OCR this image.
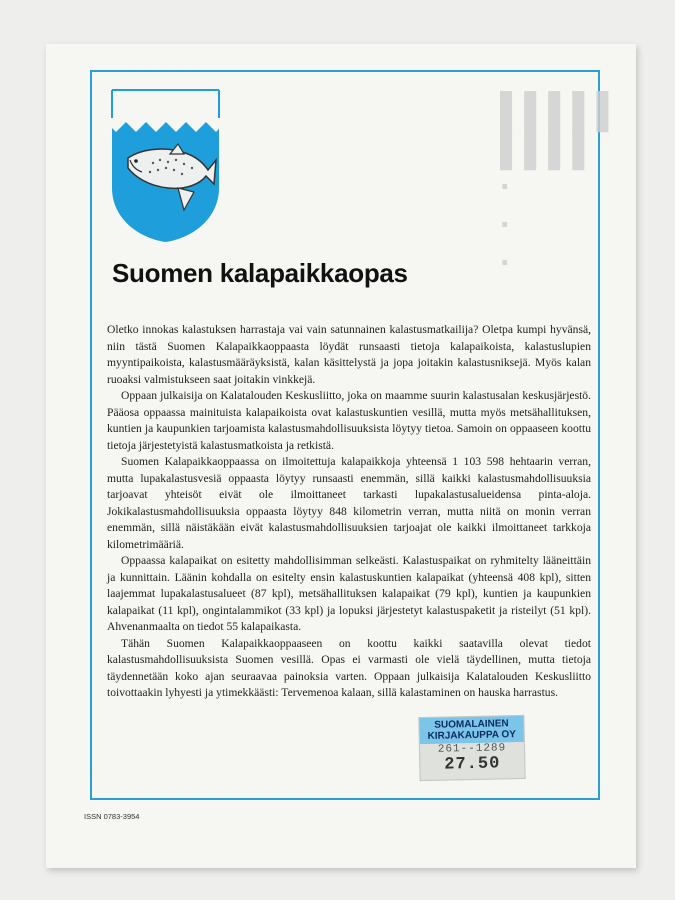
▌▌▌▌▌
▌▌▌▌
·
·
·
Suomen kalapaikkaopas

Oletko innokas kalastuksen harrastaja vai vain satunnainen kalastusmatkailija? Oletpa kumpi hyvänsä, niin tästä Suomen Kalapaikkaoppaasta löydät runsaasti tietoja kalapaikoista, kalastuslupien myyntipaikoista, kalastusmääräyksistä, kalan käsittelystä ja jopa joitakin kalastusniksejä. Myös kalan ruoaksi valmistukseen saat joitakin vinkkejä.

Oppaan julkaisija on Kalatalouden Keskusliitto, joka on maamme suurin kalastusalan keskusjärjestö. Pääosa oppaassa mainituista kalapaikoista ovat kalastuskuntien vesillä, mutta myös metsähallituksen, kuntien ja kaupunkien tarjoamista kalastusmahdollisuuksista löytyy tietoa. Samoin on oppaaseen koottu tietoja järjestetyistä kalastusmatkoista ja retkistä.

Suomen Kalapaikkaoppaassa on ilmoitettuja kalapaikkoja yhteensä 1 103 598 hehtaarin verran, mutta lupakalastusvesiä oppaasta löytyy runsaasti enemmän, sillä kaikki kalastusmahdollisuuksia tarjoavat yhteisöt eivät ole ilmoittaneet tarkasti lupakalastusalueidensa pinta-aloja. Jokikalastusmahdollisuuksia oppaasta löytyy 848 kilometrin verran, mutta niitä on monin verran enemmän, sillä näistäkään eivät kalastusmahdollisuuksien tarjoajat ole kaikki ilmoittaneet tarkkoja kilometrimääriä.

Oppaassa kalapaikat on esitetty mahdollisimman selkeästi. Kalastuspaikat on ryhmitelty lääneittäin ja kunnittain. Läänin kohdalla on esitelty ensin kalastuskuntien kalapaikat (yhteensä 408 kpl), sitten laajemmat lupakalastusalueet (87 kpl), metsähallituksen kalapaikat (79 kpl), kuntien ja kaupunkien kalapaikat (11 kpl), ongintalammikot (33 kpl) ja lopuksi järjestetyt kalastuspaketit ja risteilyt (51 kpl). Ahvenanmaalta on tiedot 55 kalapaikasta.

Tähän Suomen Kalapaikkaoppaaseen on koottu kaikki saatavilla olevat tiedot kalastusmahdollisuuksista Suomen vesillä. Opas ei varmasti ole vielä täydellinen, mutta tietoja täydennetään koko ajan seuraavaa painoksia varten. Oppaan julkaisija Kalatalouden Keskusliitto toivottaakin lyhyesti ja ytimekkäästi: Tervemenoa kalaan, sillä kalastaminen on hauska harrastus.

SUOMALAINEN
KIRJAKAUPPA OY
261--1289
27.50
ISSN 0783-3954
